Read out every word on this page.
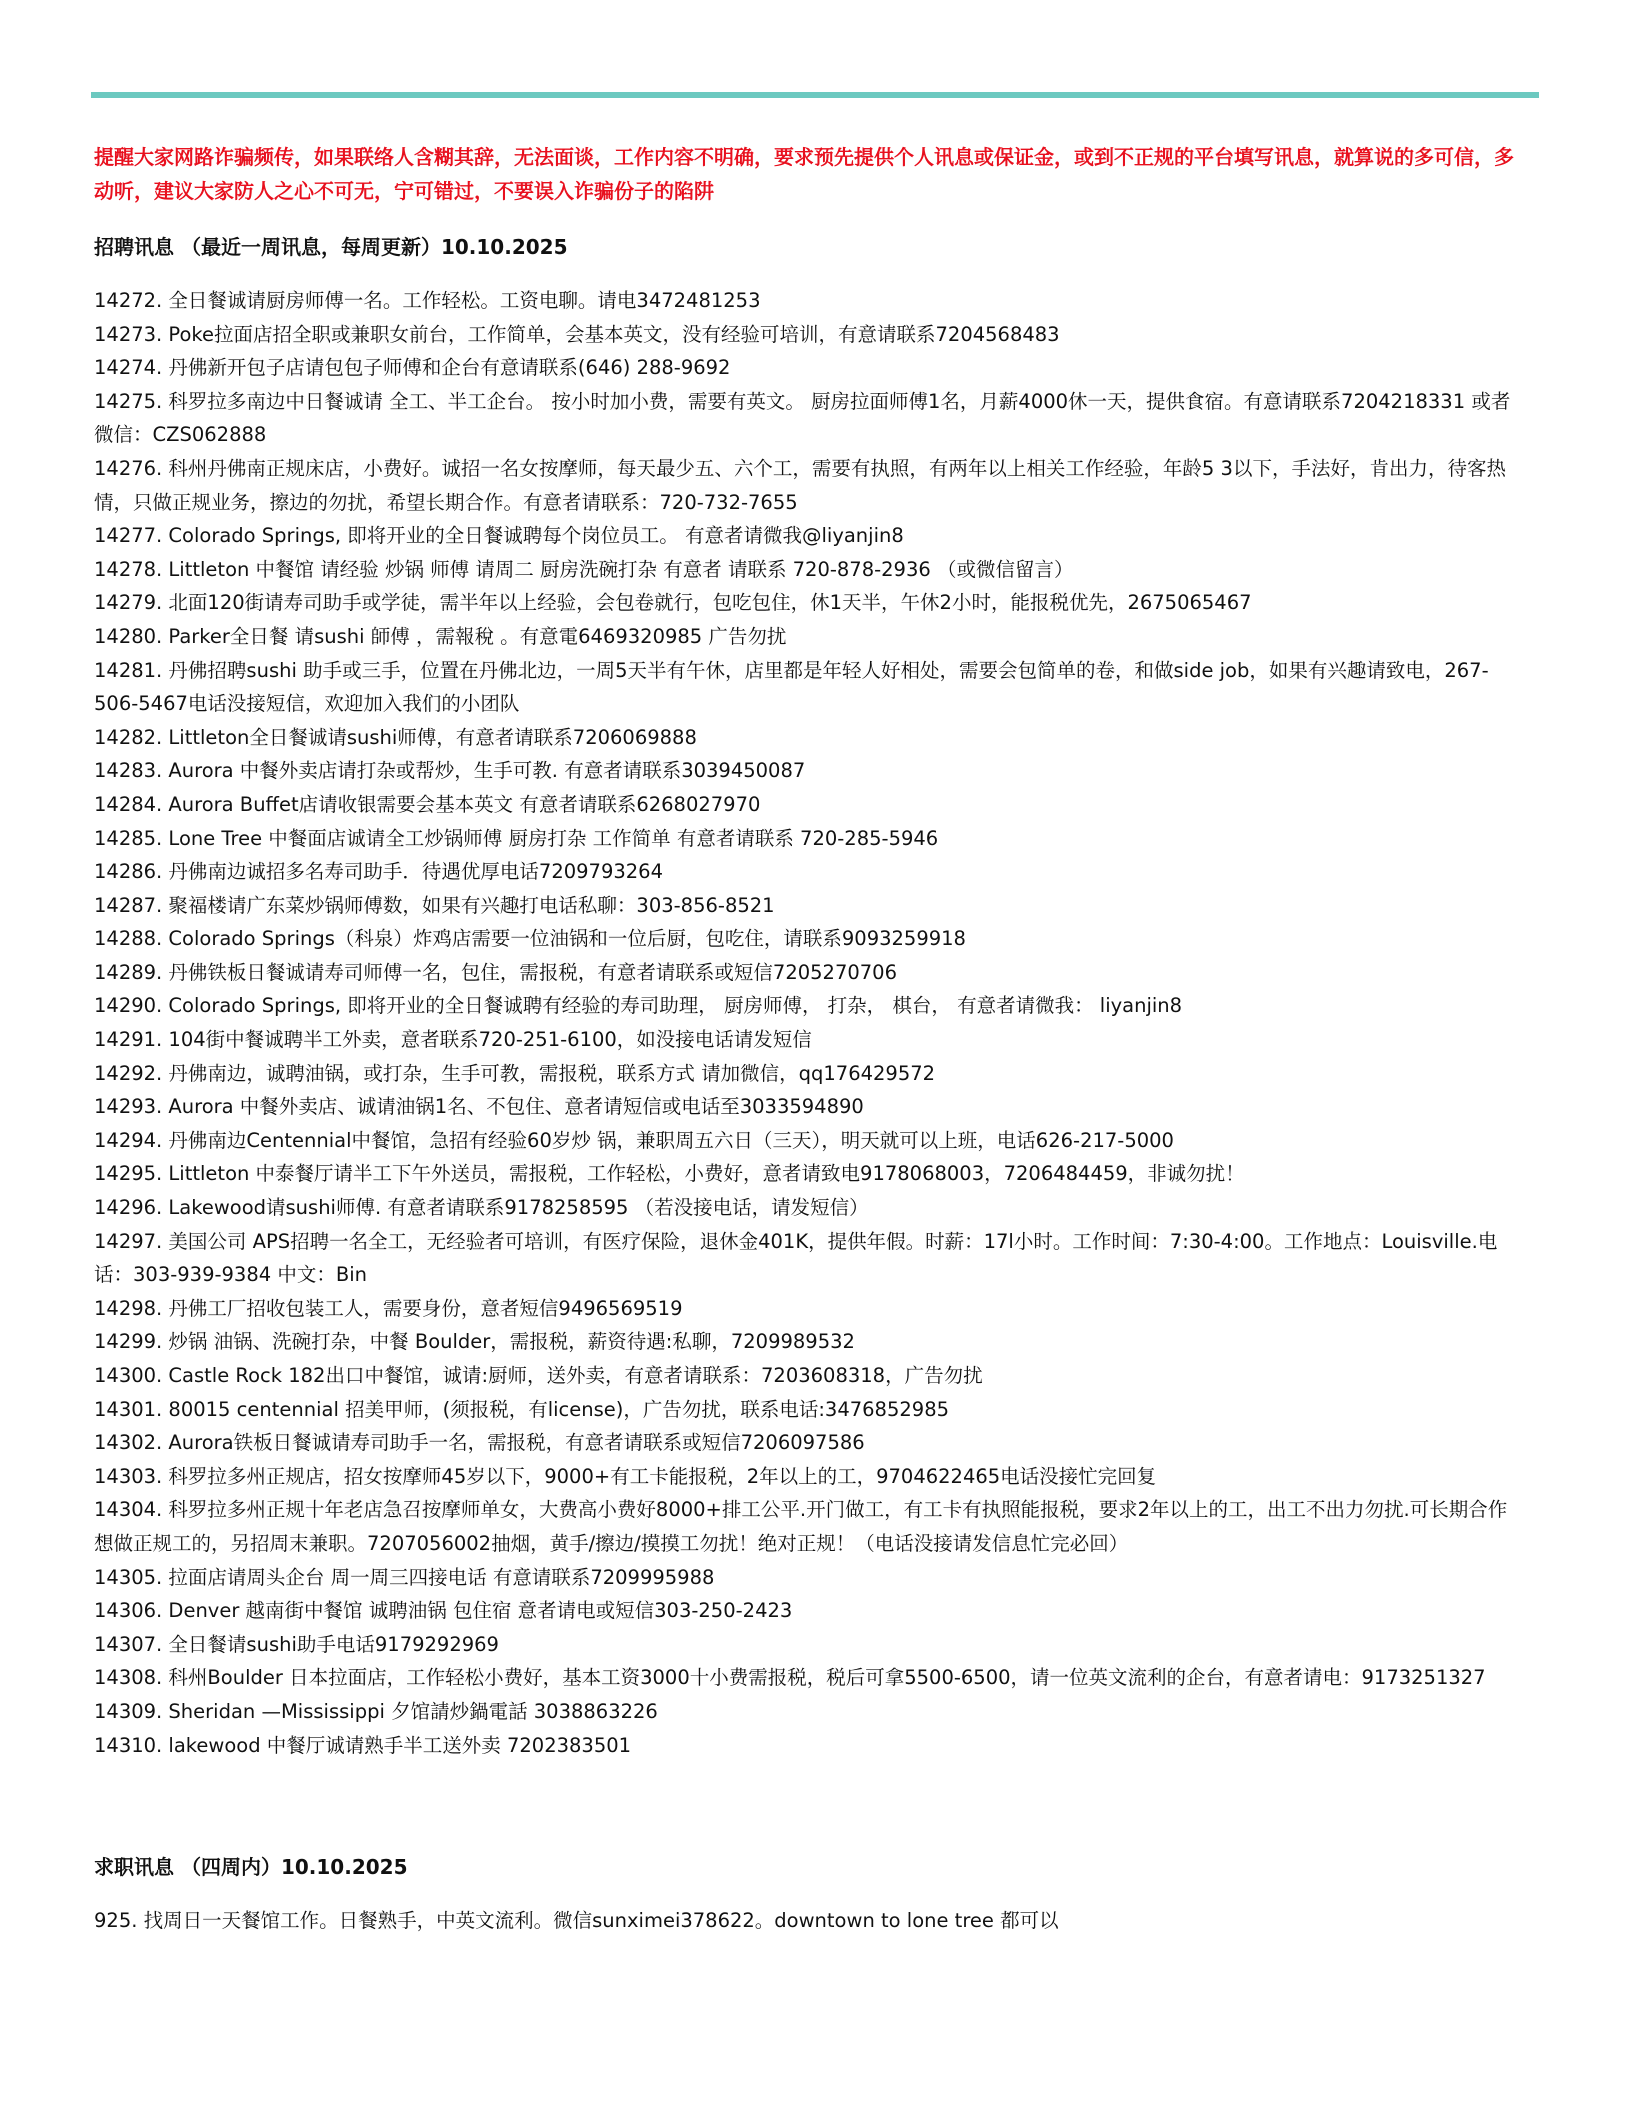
提醒大家网路诈骗频传，如果联络人含糊其辞，无法面谈，工作内容不明确，要求预先提供个人讯息或保证金，或到不正规的平台填写讯息，就算说的多可信，多动听，建议大家防人之心不可无，宁可错过，不要误入诈骗份子的陷阱

招聘讯息 （最近一周讯息，每周更新）10.10.2025
14272. 全日餐诚请厨房师傅一名。工作轻松。工资电聊。请电3472481253
14273. Poke拉面店招全职或兼职女前台，工作简单，会基本英文，没有经验可培训，有意请联系7204568483
14274. 丹佛新开包子店请包包子师傅和企台有意请联系(646) 288-9692
14275. 科罗拉多南边中日餐诚请 全工、半工企台。 按小时加小费，需要有英文。 厨房拉面师傅1名，月薪4000休一天，提供食宿。有意请联系7204218331 或者微信：CZS062888
14276. 科州丹佛南正规床店，小费好。诚招一名女按摩师，每天最少五、六个工，需要有执照，有两年以上相关工作经验，年龄5 3以下，手法好，肯出力，待客热情，只做正规业务，擦边的勿扰，希望长期合作。有意者请联系：720-732-7655
14277. Colorado Springs, 即将开业的全日餐诚聘每个岗位员工。 有意者请微我@liyanjin8
14278. Littleton 中餐馆 请经验 炒锅 师傅 请周二 厨房洗碗打杂 有意者 请联系 720-878-2936 （或微信留言）
14279. 北面120街请寿司助手或学徒，需半年以上经验，会包卷就行，包吃包住，休1天半，午休2小时，能报税优先，2675065467
14280. Parker全日餐 请sushi 師傅 ，需報稅 。有意電6469320985 广告勿扰
14281. 丹佛招聘sushi 助手或三手，位置在丹佛北边，一周5天半有午休，店里都是年轻人好相处，需要会包简单的卷，和做side job，如果有兴趣请致电，267-506-5467电话没接短信，欢迎加入我们的小团队
14282. Littleton全日餐诚请sushi师傅，有意者请联系7206069888
14283. Aurora 中餐外卖店请打杂或帮炒，生手可教. 有意者请联系3039450087
14284. Aurora Buffet店请收银需要会基本英文 有意者请联系6268027970
14285. Lone Tree 中餐面店诚请全工炒锅师傅 厨房打杂 工作简单 有意者请联系 720-285-5946
14286. 丹佛南边诚招多名寿司助手．待遇优厚电话7209793264
14287. 聚福楼请广东菜炒锅师傅数，如果有兴趣打电话私聊：303-856-8521
14288. Colorado Springs（科泉）炸鸡店需要一位油锅和一位后厨，包吃住，请联系9093259918
14289. 丹佛铁板日餐诚请寿司师傅一名，包住，需报税，有意者请联系或短信7205270706
14290. Colorado Springs, 即将开业的全日餐诚聘有经验的寿司助理， 厨房师傅， 打杂， 棋台， 有意者请微我： liyanjin8
14291. 104街中餐诚聘半工外卖，意者联系720-251-6100，如没接电话请发短信
14292. 丹佛南边，诚聘油锅，或打杂，生手可教，需报税，联系方式 请加微信，qq176429572
14293. Aurora 中餐外卖店、诚请油锅1名、不包住、意者请短信或电话至3033594890
14294. 丹佛南边Centennial中餐馆，急招有经验60岁炒 锅，兼职周五六日（三天），明天就可以上班，电话626-217-5000
14295. Littleton 中泰餐厅请半工下午外送员，需报税，工作轻松，小费好，意者请致电9178068003，7206484459，非诚勿扰！
14296. Lakewood请sushi师傅. 有意者请联系9178258595 （若没接电话，请发短信）
14297. 美国公司 APS招聘一名全工，无经验者可培训，有医疗保险，退休金401K，提供年假。时薪：17l小时。工作时间：7:30-4:00。工作地点：Louisville.电话：303-939-9384 中文：Bin
14298. 丹佛工厂招收包装工人，需要身份，意者短信9496569519
14299. 炒锅 油锅、洗碗打杂，中餐 Boulder，需报税，薪资待遇:私聊，7209989532
14300. Castle Rock 182出口中餐馆，诚请:厨师，送外卖，有意者请联系：7203608318，广告勿扰
14301. 80015 centennial 招美甲师，(须报税，有license)，广告勿扰，联系电话:3476852985
14302. Aurora铁板日餐诚请寿司助手一名，需报税，有意者请联系或短信7206097586
14303. 科罗拉多州正规店，招女按摩师45岁以下，9000+有工卡能报税，2年以上的工，9704622465电话没接忙完回复
14304. 科罗拉多州正规十年老店急召按摩师单女，大费高小费好8000+排工公平.开门做工，有工卡有执照能报税，要求2年以上的工，出工不出力勿扰.可长期合作想做正规工的，另招周末兼职。7207056002抽烟，黄手/擦边/摸摸工勿扰！绝对正规！（电话没接请发信息忙完必回）
14305. 拉面店请周头企台 周一周三四接电话 有意请联系7209995988
14306. Denver 越南街中餐馆 诚聘油锅 包住宿 意者请电或短信303-250-2423
14307. 全日餐请sushi助手电话9179292969
14308. 科州Boulder 日本拉面店，工作轻松小费好，基本工资3000十小费需报税，税后可拿5500-6500，请一位英文流利的企台，有意者请电：9173251327
14309. Sheridan —Mississippi 夕馆請炒鍋電話 3038863226
14310. lakewood 中餐厅诚请熟手半工送外卖 7202383501
求职讯息 （四周内）10.10.2025
925. 找周日一天餐馆工作。日餐熟手，中英文流利。微信sunximei378622。downtown to lone tree 都可以
